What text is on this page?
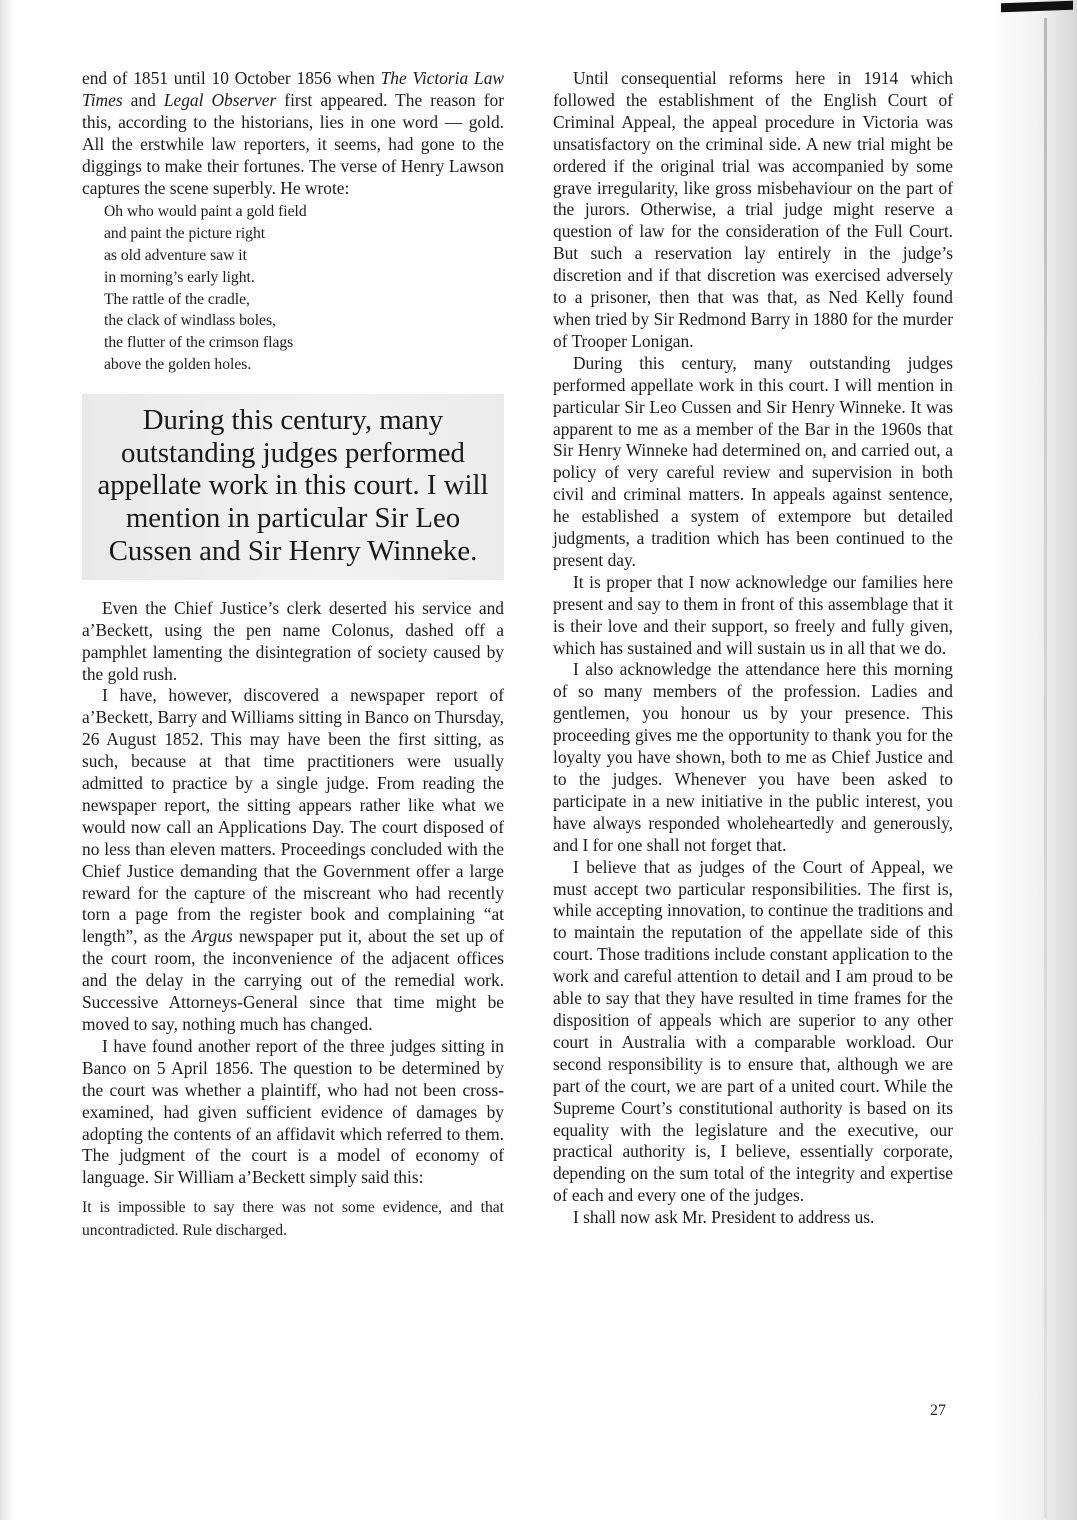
end of 1851 until 10 October 1856 when The Victoria Law Times and Legal Observer first appeared. The reason for this, according to the historians, lies in one word — gold. All the erstwhile law reporters, it seems, had gone to the diggings to make their fortunes. The verse of Henry Lawson captures the scene superbly. He wrote:

Oh who would paint a gold field
and paint the picture right
as old adventure saw it
in morning’s early light.
The rattle of the cradle,
the clack of windlass boles,
the flutter of the crimson flags
above the golden holes.
During this century, many outstanding judges performed appellate work in this court. I will mention in particular Sir Leo Cussen and Sir Henry Winneke.

Even the Chief Justice’s clerk deserted his service and a’Beckett, using the pen name Colonus, dashed off a pamphlet lamenting the disintegration of society caused by the gold rush.

I have, however, discovered a newspaper report of a’Beckett, Barry and Williams sitting in Banco on Thursday, 26 August 1852. This may have been the first sitting, as such, because at that time practitioners were usually admitted to practice by a single judge. From reading the newspaper report, the sitting appears rather like what we would now call an Applications Day. The court disposed of no less than eleven matters. Proceedings concluded with the Chief Justice demanding that the Government offer a large reward for the capture of the miscreant who had recently torn a page from the register book and complaining “at length”, as the Argus newspaper put it, about the set up of the court room, the inconvenience of the adjacent offices and the delay in the carrying out of the remedial work. Successive Attorneys-General since that time might be moved to say, nothing much has changed.

I have found another report of the three judges sitting in Banco on 5 April 1856. The question to be determined by the court was whether a plaintiff, who had not been cross-examined, had given sufficient evidence of damages by adopting the contents of an affidavit which referred to them. The judgment of the court is a model of economy of language. Sir William a’Beckett simply said this:

It is impossible to say there was not some evidence, and that uncontradicted. Rule discharged.

Until consequential reforms here in 1914 which followed the establishment of the English Court of Criminal Appeal, the appeal procedure in Victoria was unsatisfactory on the criminal side. A new trial might be ordered if the original trial was accompanied by some grave irregularity, like gross misbehaviour on the part of the jurors. Otherwise, a trial judge might reserve a question of law for the consideration of the Full Court. But such a reservation lay entirely in the judge’s discretion and if that discretion was exercised adversely to a prisoner, then that was that, as Ned Kelly found when tried by Sir Redmond Barry in 1880 for the murder of Trooper Lonigan.

During this century, many outstanding judges performed appellate work in this court. I will mention in particular Sir Leo Cussen and Sir Henry Winneke. It was apparent to me as a member of the Bar in the 1960s that Sir Henry Winneke had determined on, and carried out, a policy of very careful review and supervision in both civil and criminal matters. In appeals against sentence, he established a system of extempore but detailed judgments, a tradition which has been continued to the present day.

It is proper that I now acknowledge our families here present and say to them in front of this assemblage that it is their love and their support, so freely and fully given, which has sustained and will sustain us in all that we do.

I also acknowledge the attendance here this morning of so many members of the profession. Ladies and gentlemen, you honour us by your presence. This proceeding gives me the opportunity to thank you for the loyalty you have shown, both to me as Chief Justice and to the judges. Whenever you have been asked to participate in a new initiative in the public interest, you have always responded wholeheartedly and generously, and I for one shall not forget that.

I believe that as judges of the Court of Appeal, we must accept two particular responsibilities. The first is, while accepting innovation, to continue the traditions and to maintain the reputation of the appellate side of this court. Those traditions include constant application to the work and careful attention to detail and I am proud to be able to say that they have resulted in time frames for the disposition of appeals which are superior to any other court in Australia with a comparable workload. Our second responsibility is to ensure that, although we are part of the court, we are part of a united court. While the Supreme Court’s constitutional authority is based on its equality with the legislature and the executive, our practical authority is, I believe, essentially corporate, depending on the sum total of the integrity and expertise of each and every one of the judges.

I shall now ask Mr. President to address us.

27
